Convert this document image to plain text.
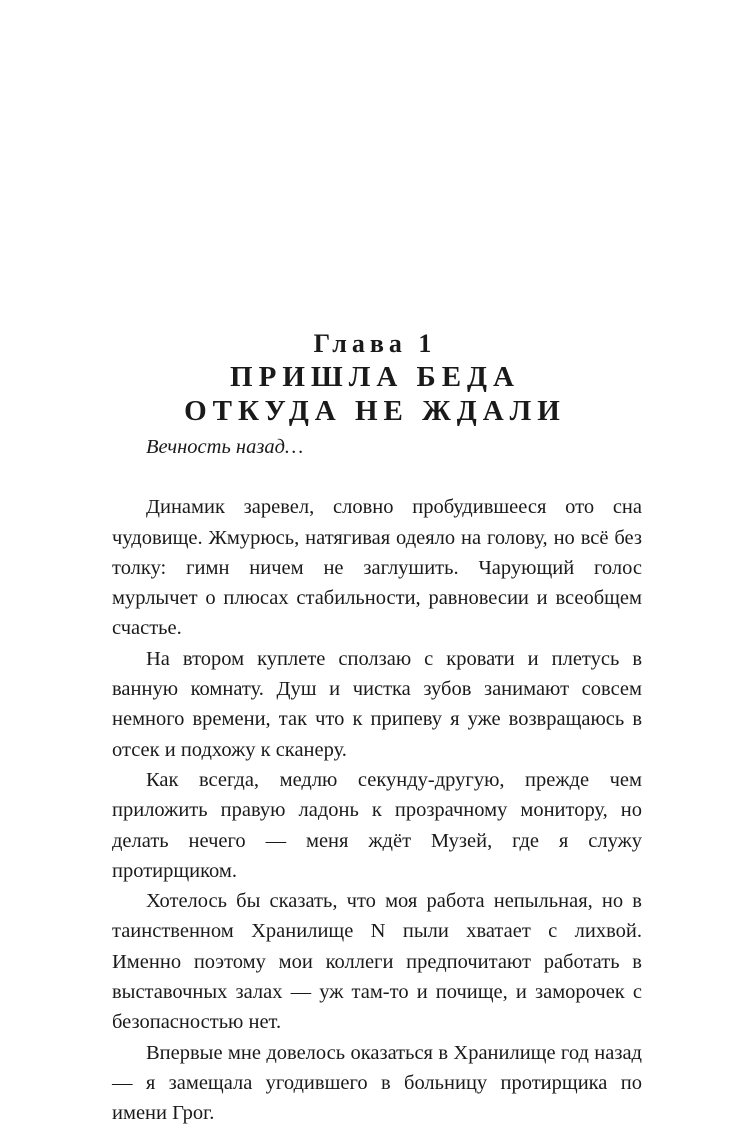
Глава 1

ПРИШЛА БЕДА

ОТКУДА НЕ ЖДАЛИ

Вечность назад…

Динамик заревел, словно пробудившееся ото сна чудовище. Жмурюсь, натягивая одеяло на голову, но всё без толку: гимн ничем не заглушить. Чарующий голос мурлычет о плюсах стабильности, равновесии и всеобщем счастье.

На втором куплете сползаю с кровати и плетусь в ванную комнату. Душ и чистка зубов занимают совсем немного времени, так что к припеву я уже возвращаюсь в отсек и подхожу к сканеру.

Как всегда, медлю секунду-другую, прежде чем приложить правую ладонь к прозрачному монитору, но делать нечего — меня ждёт Музей, где я служу протирщиком.

Хотелось бы сказать, что моя работа непыльная, но в таинственном Хранилище N пыли хватает с лихвой. Именно поэтому мои коллеги предпочитают работать в выставочных залах — уж там-то и почище, и заморочек с безопасностью нет.

Впервые мне довелось оказаться в Хранилище год назад — я замещала угодившего в больницу протирщика по имени Грог.
